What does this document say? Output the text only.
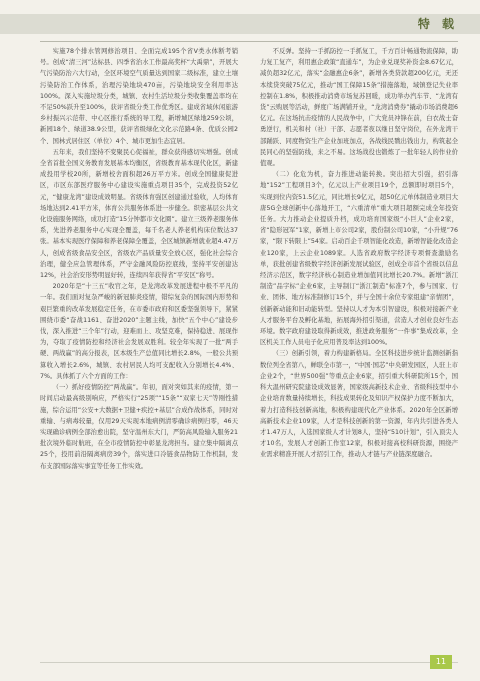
特 载

实施78个排水管网修治项目、全面完成195个省Ⅴ类水体断考销号。创成“清三河”达标县、四季省治水工作最高奖杯“大禹鼎”，开展大气污染防治六大行动，全区环境空气质量达到国家二级标准，建立土壤污染防治工作体系，治理污染地块470亩，污染地块安全利用率达100%。深入实施垃圾分类，城镇、农村生活垃圾分类收集覆盖率均在不足50%跃升至100%，获评省级分类工作优秀区。建成省域休闲旅游乡村振兴示范带、中心区推行系统的导工程，新增城区绿地259公顷，新园18个、绿道38.9公里，获评省级绿化文化示范路4条、优质公园2个、国林式居住区（单位）4个、城市更加生态宜居。

五年来，我们坚持不变聚民心促福祉，群众获得感切实增强。创成全省首批全国义务教育发展基本均衡区，省级教育基本现代化区，新建成投用学校20所，新增校舍面积超26万平方米。创成全国健康促进区，市区东部医疗服务中心建设实施重点项目35个，完成投资52亿元，“健康龙湾”建设成效明显。省级体育强区创建通过验收，人均体育场地达到2.41平方米，体育公共服务体系进一步健全。织密基层公共文化设施服务网络，成功打造“15分钟都市文化圈”。建立三级养老服务体系，先进养老服务中心实现全覆盖，每千名老人养老机构床位数达37张。基本实现医疗保障和养老保障全覆盖，全区城镇新增就业超4.47万人，创成省级食品安全区，省级农产品质量安全放心区，强化社会综合治理，健全应急管理体系，严守金融风险防控底线，坚持平安创建达12%，社会治安形势明显好转，连续四年获得省“平安区”称号。

2020年是“十三五”收官之年，是龙湾改革发展进程中极不平凡的一年。我们面对复杂严峻的新冠肺炎疫情，错综复杂的国际国内形势和艰巨繁重的改革发展稳定任务，在市委市政府和区委坚强领导下，紧紧围绕市委“奋战1161、奋进2020”主题主线，加快“五个中心”建设步伐，深入推进“三个年”行动，迎难而上、攻坚克难，保持稳进、展现作为，夺取了疫情防控和经济社会发展双胜利。较全年实现了一批“两手硬、两战赢”的高分报表，区本级生产总值同比增长2.8%，一般公共预算收入增长2.6%，城镇、农村居民人均可支配收入分别增长4.4%、7%。具体抓了六个方面的工作：

（一）抓好疫情防控“两战赢”。年初，面对突如其来的疫情，第一时间启动最高级别响应，严格实行“25项”“15条”“双家七天”等刚性措施，综合运用“公安+大数据+卫健+疾控+基层”合成作战体系，同时对重输、与病毒较量，仅用29天实现本地病例清零确诊病例归零，46天实现确诊病例全部治愈出院，坚守温州东大门，严防高风险输入服务21批次境外临时航班，在全市疫情防控中彰显龙湾担当。建立集中隔离点25个，投用前沿隔离病房39个，落实进口冷链食品物防工作机制，发布支部国际落实事宜等任务工作实效。

不反弹。坚持一手抓防控一手抓复工，千方百计畅通物流保障，助力复工复产，利用惠企政策“直通车”，为企业兑现奖补资金8.67亿元，减负超32亿元，落实“金融惠企6条”，新增各类贷款超200亿元，无还本续贷突破75亿元，推动“国工保障15条”措施落地，域镇登记失业率控制在1.8%，积极推动消费市场复苏回暖，成功举办汽车节、“龙湾有货”云购展等活动，鲜度广场满铺开业，“龙湾消费券”撬动市场消费超6亿元。在这场抗击疫情的人民战争中，广大党员冲锋在前，白衣战士奋勇逆行，机关和村（社）干部、志愿者夜以继日坚守岗位，在外龙湾干部踊跃、同度物资生产企业加班加点，各战线民戮出钱出力，构筑起全民同心的坚强防线，来之不易。这场战役也锻炼了一批年轻人的作业价值观。

（二）化危为机，奋力推进动能转换。突出招大引强，招引落地“152”工程项目3个，亿元以上产业项目19个，总额即时项目5个，实现到位内资51.5亿元，同比增长9亿元，超50亿元单体制造业项目大唐5G全球创新中心落地开工，“六重清单”重大项目超额完成全年投资任务。大力推动企业提质升档，成功培育国家级“小巨人”企业2家，省“隐形冠军”1家，新增上市公司2家，股份制公司10家，“小升规”76家，“限下转限上”54家。启动百企千项智能化改造，新增智能化改造企业120家，上云企业1089家。人选省政府数字经济专项督查激励名单，获批创建省级数字经济创新发展试验区，创成全市首个省级以信息经济示范区，数字经济核心制造业增加值同比增长20.7%。新增“浙江制造”品字标”企业6家，主导制订“浙江制造”标准7个，参与国家、行业、团体、地方标准制修订15个，并与全国十余位专家组建“亲情团”，创新新动能和旧动能转型。坚持以人才为本引智建设，积极对接新产业人才服务平台及孵化基地，拓展海外招引渠道，营造人才创业良好生态环境。数字政府建设取得新成效，推进政务服务“一件事”集成改革，全区机关工作人员电子化应用普及率达到100%。

（三）创新引领，着力构建新格局。全区科技进步统计监测创新指数位列全省第八，蝉联全市第一，“中国·国芯”中央研发园区，人驻上市企业2个，“世界500强”等重点企业6家，招引重大科研院所15个，国科大温州研究院建设成效显著，国家级高新技术企业、省级科技型中小企业培育数量持续增长，科技成果转化及知识产权保护力度不断加大，着力打造科技创新高地，积极构建现代化产业体系。2020年全区新增高新技术企业109家，人才是科技创新的第一资源，年内共引进各类人才1.47万人，入选国家级人才计划8人，坚持“510计划”，引入顶尖人才10名，发展人才创新工作室12家，积极对接高校科研资源，围绕产业需求精准开展人才招引工作，推动人才链与产业链深度融合。

11
